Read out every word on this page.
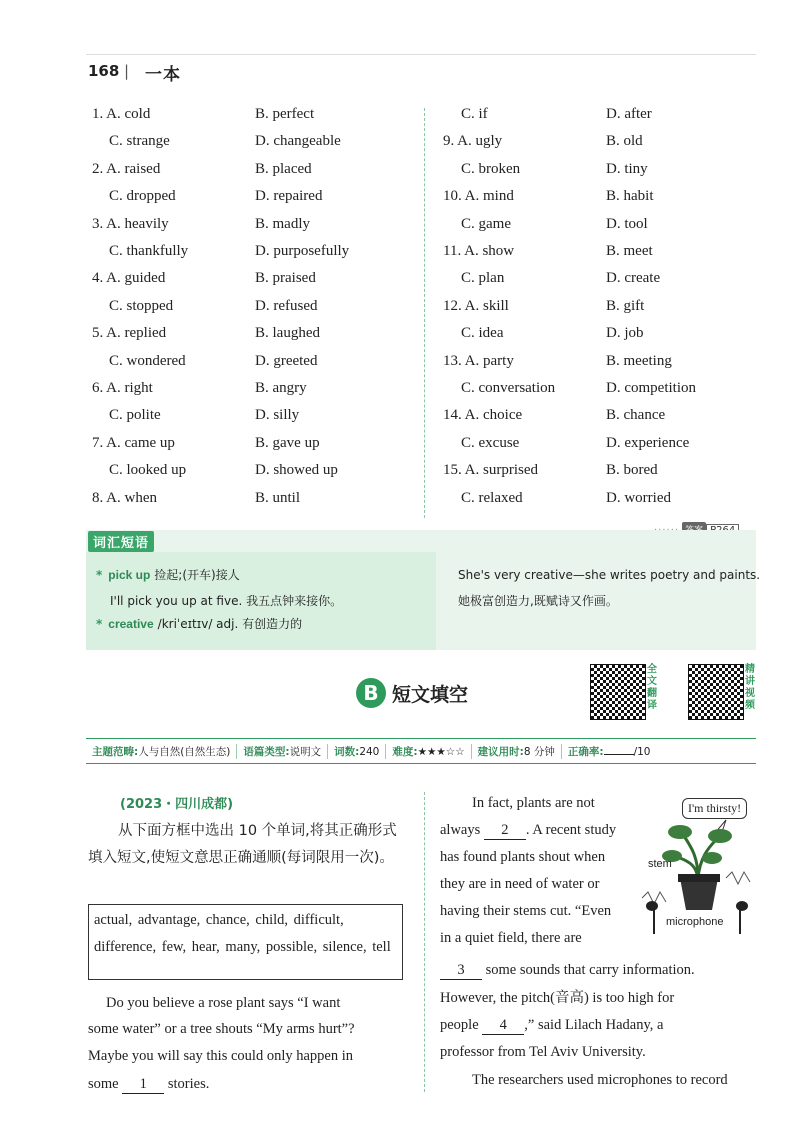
168 | 一本
1. A. cold	B. perfect
C. strange	D. changeable
2. A. raised	B. placed
C. dropped	D. repaired
3. A. heavily	B. madly
C. thankfully	D. purposefully
4. A. guided	B. praised
C. stopped	D. refused
5. A. replied	B. laughed
C. wondered	D. greeted
6. A. right	B. angry
C. polite	D. silly
7. A. came up	B. gave up
C. looked up	D. showed up
8. A. when	B. until
C. if	D. after
9. A. ugly	B. old
C. broken	D. tiny
10. A. mind	B. habit
C. game	D. tool
11. A. show	B. meet
C. plan	D. create
12. A. skill	B. gift
C. idea	D. job
13. A. party	B. meeting
C. conversation	D. competition
14. A. choice	B. chance
C. excuse	D. experience
15. A. surprised	B. bored
C. relaxed	D. worried
词汇短语
* pick up 捡起;(开车)接人
I'll pick you up at five. 我五点钟来接你。
* creative /kriˈeɪtɪv/ adj. 有创造力的
She's very creative—she writes poetry and paints.
她极富创造力,既赋诗又作画。
B 短文填空
全
文
翻
译
精
讲
视
频
主题范畴:人与自然(自然生态)	语篇类型:说明文	词数:240	难度:★★★☆☆	建议用时:8 分钟	正确率:	/10
(2023・四川成都)
从下面方框中选出 10 个单词,将其正确形式填入短文,使短文意思正确通顺(每词限用一次)。
actual, advantage, chance, child, difficult, difference, few, hear, many, possible, silence, tell
Do you believe a rose plant says “I want
some water” or a tree shouts “My arms hurt”?
Maybe you will say this could only happen in
some 1 stories.
In fact, plants are not
always 2 . A recent study
has found plants shout when
they are in need of water or
having their stems cut. “Even
in a quiet field, there are
3 some sounds that carry information.
However, the pitch(音高) is too high for
people 4 ,” said Lilach Hadany, a
professor from Tel Aviv University.
The researchers used microphones to record
I'm thirsty!
stem
microphone
